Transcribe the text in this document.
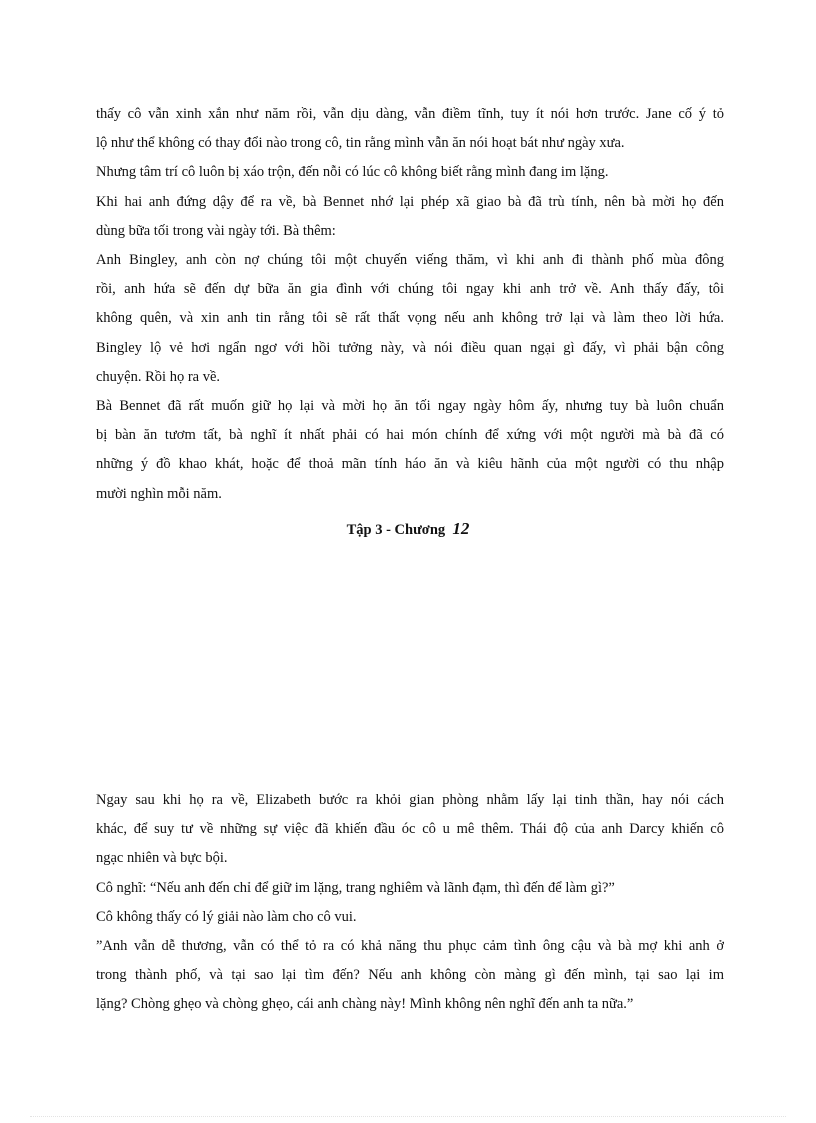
thấy cô vẫn xinh xắn như năm rồi, vẫn dịu dàng, vẫn điềm tĩnh, tuy ít nói hơn trước. Jane cố ý tỏ
lộ như thể không có thay đổi nào trong cô, tin rằng mình vẫn ăn nói hoạt bát như ngày xưa.
Nhưng tâm trí cô luôn bị xáo trộn, đến nỗi có lúc cô không biết rằng mình đang im lặng.
Khi hai anh đứng dậy để ra về, bà Bennet nhớ lại phép xã giao bà đã trù tính, nên bà mời họ đến
dùng bữa tối trong vài ngày tới. Bà thêm:
Anh Bingley, anh còn nợ chúng tôi một chuyến viếng thăm, vì khi anh đi thành phố mùa đông
rồi, anh hứa sẽ đến dự bữa ăn gia đình với chúng tôi ngay khi anh trở về. Anh thấy đấy, tôi
không quên, và xin anh tin rằng tôi sẽ rất thất vọng nếu anh không trở lại và làm theo lời hứa.
Bingley lộ vẻ hơi ngẩn ngơ với hồi tưởng này, và nói điều quan ngại gì đấy, vì phải bận công
chuyện. Rồi họ ra về.
Bà Bennet đã rất muốn giữ họ lại và mời họ ăn tối ngay ngày hôm ấy, nhưng tuy bà luôn chuẩn
bị bàn ăn tươm tất, bà nghĩ ít nhất phải có hai món chính để xứng với một người mà bà đã có
những ý đồ khao khát, hoặc để thoả mãn tính háo ăn và kiêu hãnh của một người có thu nhập
mười nghìn mỗi năm.
Tập 3 - Chương 12
Ngay sau khi họ ra về, Elizabeth bước ra khỏi gian phòng nhằm lấy lại tinh thần, hay nói cách
khác, để suy tư về những sự việc đã khiến đầu óc cô u mê thêm. Thái độ của anh Darcy khiến cô
ngạc nhiên và bực bội.
Cô nghĩ: “Nếu anh đến chỉ để giữ im lặng, trang nghiêm và lãnh đạm, thì đến để làm gì?”
Cô không thấy có lý giải nào làm cho cô vui.
”Anh vẫn dễ thương, vẫn có thể tỏ ra có khả năng thu phục cảm tình ông cậu và bà mợ khi anh ở
trong thành phố, và tại sao lại tìm đến? Nếu anh không còn màng gì đến mình, tại sao lại im
lặng? Chòng ghẹo và chòng ghẹo, cái anh chàng này! Mình không nên nghĩ đến anh ta nữa.”
